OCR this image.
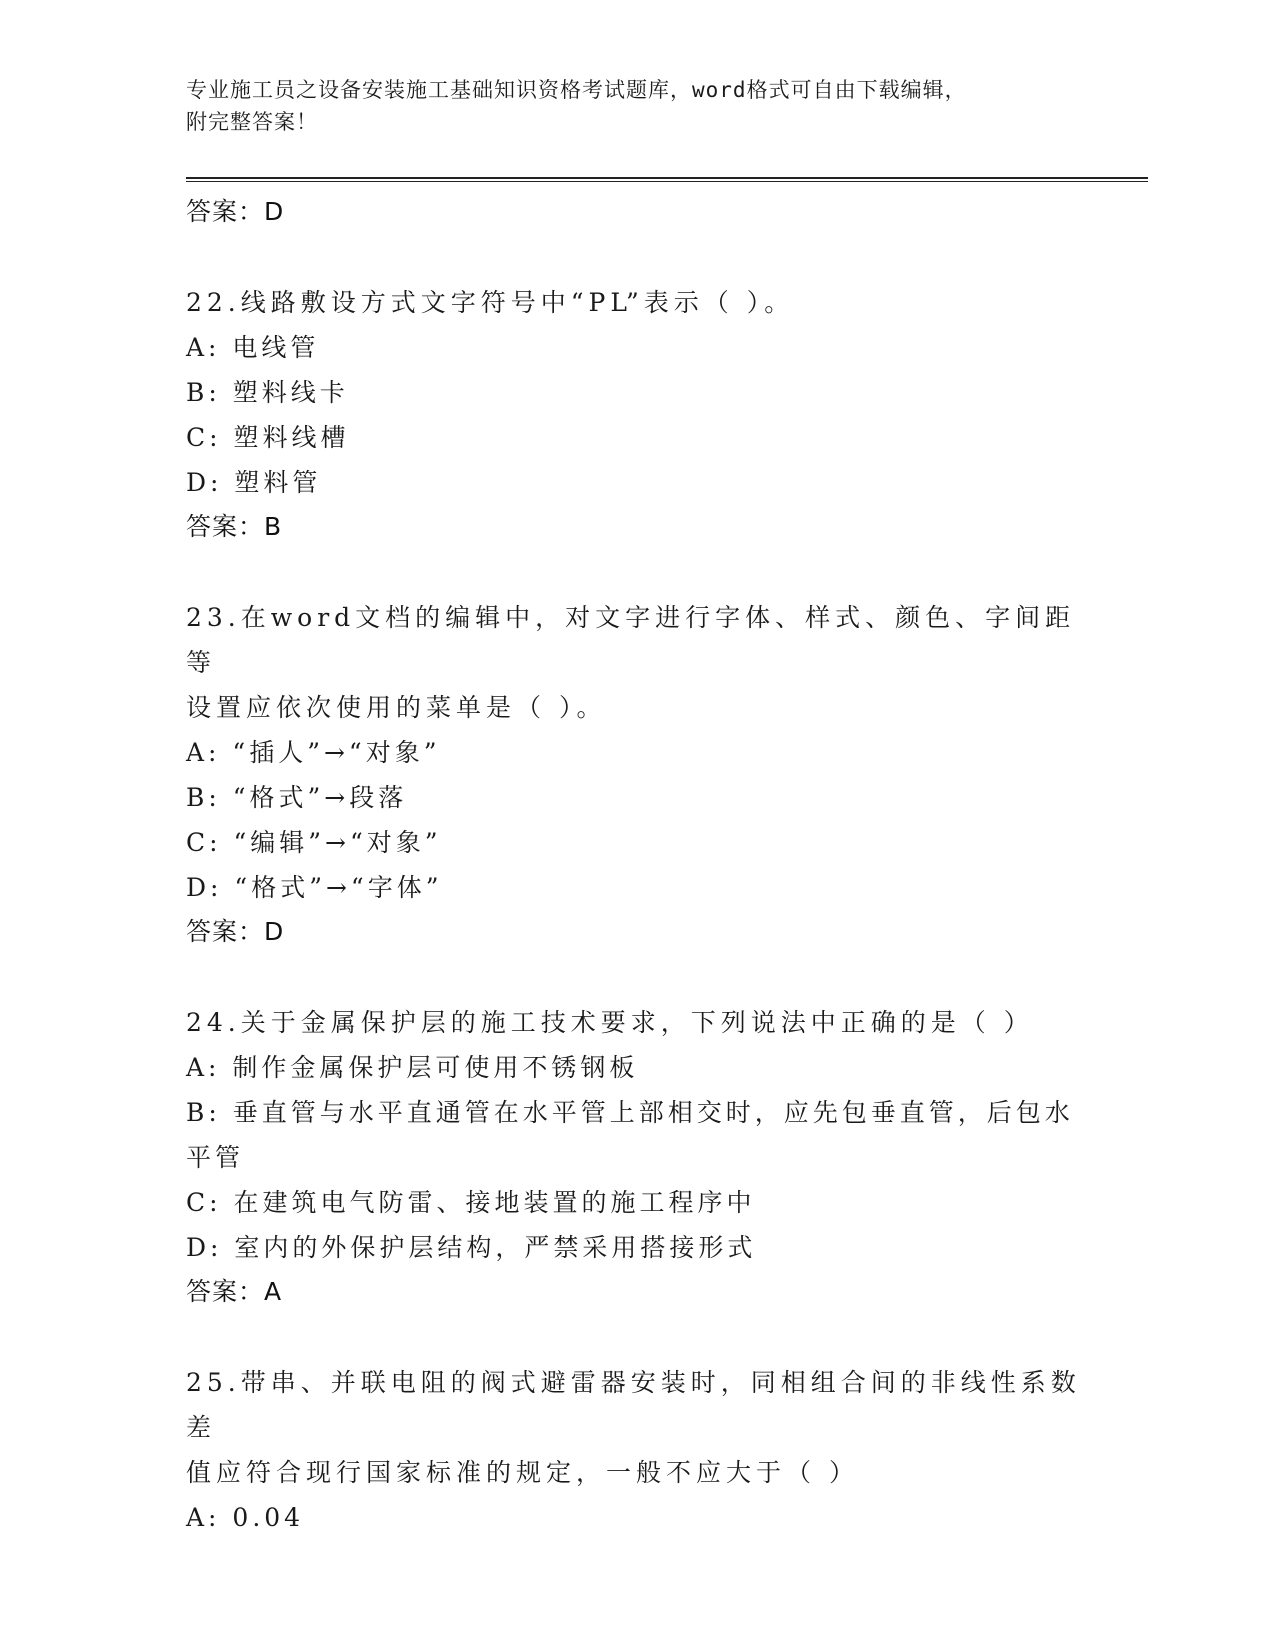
专业施工员之设备安装施工基础知识资格考试题库，word格式可自由下载编辑，
附完整答案！
答案：D
22.线路敷设方式文字符号中“PL”表示（ ）。
A: 电线管
B: 塑料线卡
C: 塑料线槽
D: 塑料管
答案：B
23.在word文档的编辑中，对文字进行字体、样式、颜色、字间距等
设置应依次使用的菜单是（ ）。
A: “插人”→“对象”
B: “格式”→段落
C: “编辑”→“对象”
D: “格式”→“字体”
答案：D
24.关于金属保护层的施工技术要求，下列说法中正确的是（ ）
A: 制作金属保护层可使用不锈钢板
B: 垂直管与水平直通管在水平管上部相交时，应先包垂直管，后包水
平管
C: 在建筑电气防雷、接地装置的施工程序中
D: 室内的外保护层结构，严禁采用搭接形式
答案：A
25.带串、并联电阻的阀式避雷器安装时，同相组合间的非线性系数差
值应符合现行国家标准的规定，一般不应大于（ ）
A: 0.04
